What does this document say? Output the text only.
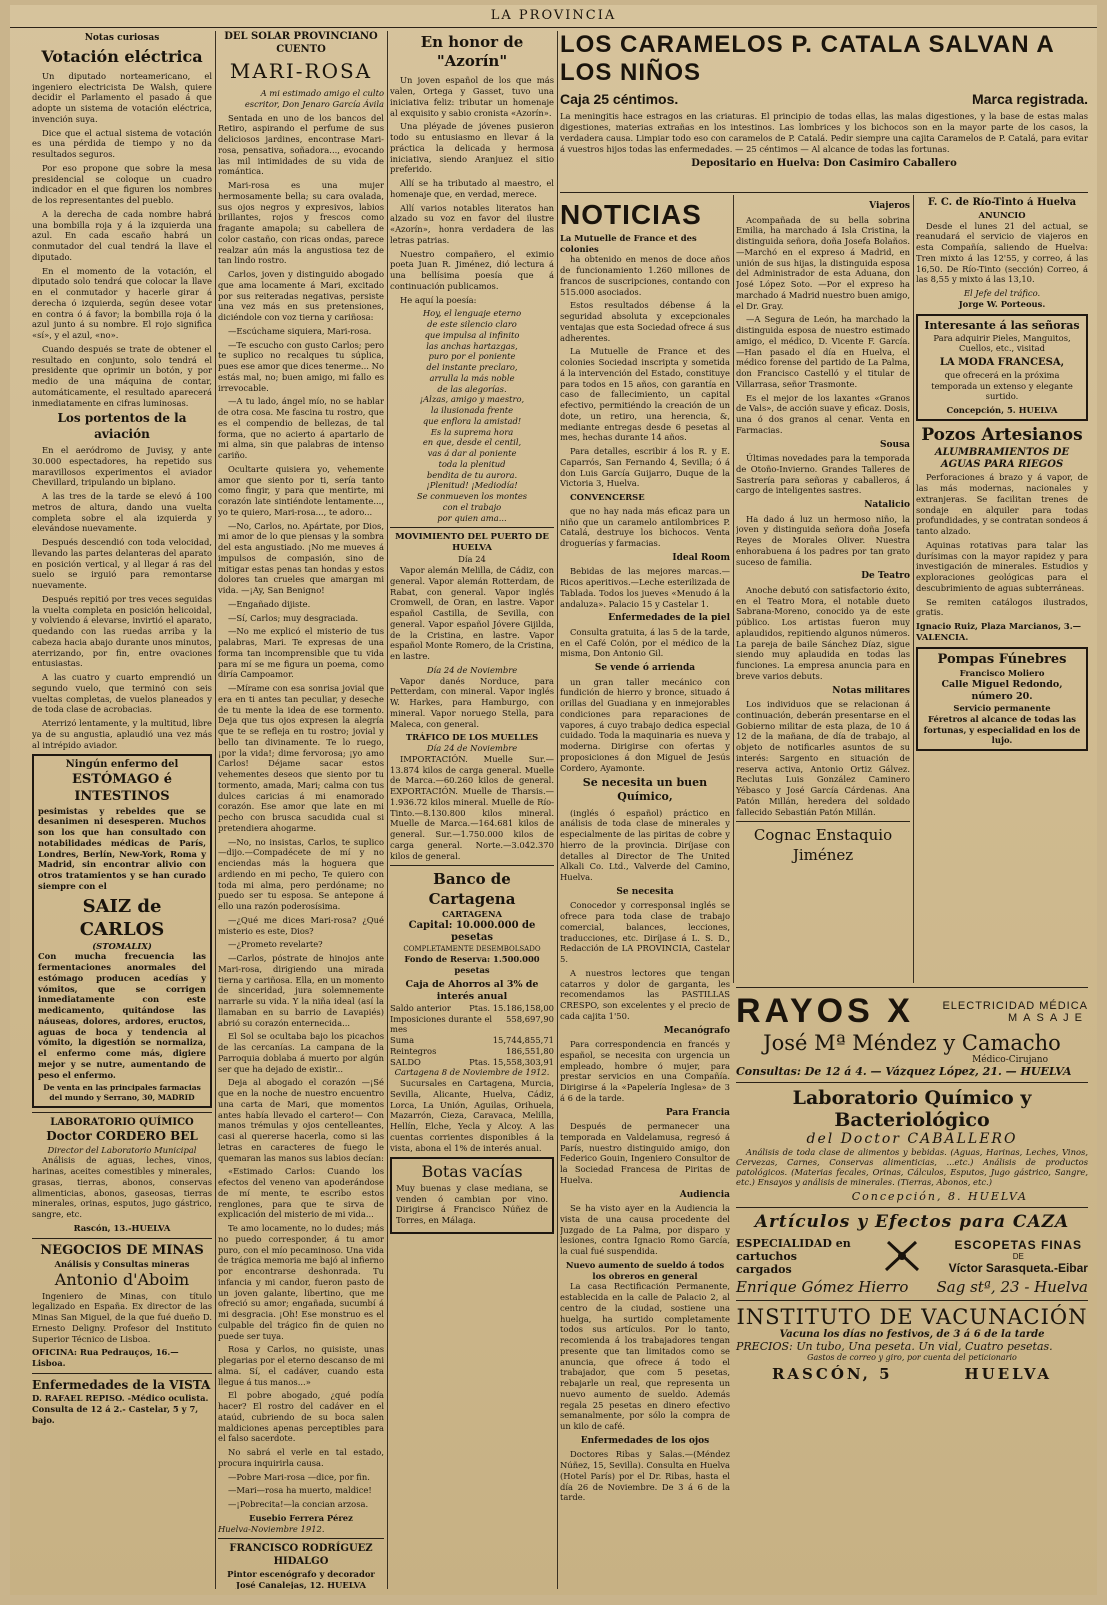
LA PROVINCIA
Notas curiosas
Votación eléctrica

Un diputado norteamericano, el ingeniero electricista De Walsh, quiere decidir el Parlamento el pasado á que adopte un sistema de votación eléctrica, invención suya.

Dice que el actual sistema de votación es una pérdida de tiempo y no da resultados seguros.

Por eso propone que sobre la mesa presidencial se coloque un cuadro indicador en el que figuren los nombres de los representantes del pueblo.

A la derecha de cada nombre habrá una bombilla roja y á la izquierda una azul. En cada escaño habrá un conmutador del cual tendrá la llave el diputado.

En el momento de la votación, el diputado solo tendrá que colocar la llave en el conmutador y hacerle girar á derecha ó izquierda, según desee votar en contra ó á favor; la bombilla roja ó la azul junto á su nombre. El rojo significa «sí», y el azul, «no».

Cuando después se trate de obtener el resultado en conjunto, solo tendrá el presidente que oprimir un botón, y por medio de una máquina de contar, automáticamente, el resultado aparecerá inmediatamente en cifras luminosas.

Los portentos de la aviación

En el aeródromo de Juvisy, y ante 30.000 espectadores, ha repetido sus maravillosos experimentos el aviador Chevillard, tripulando un biplano.

A las tres de la tarde se elevó á 100 metros de altura, dando una vuelta completa sobre el ala izquierda y elevándose nuevamente.

Después descendió con toda velocidad, llevando las partes delanteras del aparato en posición vertical, y al llegar á ras del suelo se irguió para remontarse nuevamente.

Después repitió por tres veces seguidas la vuelta completa en posición helicoidal, y volviendo á elevarse, invirtió el aparato, quedando con las ruedas arriba y la cabeza hacia abajo durante unos minutos, aterrizando, por fin, entre ovaciones entusiastas.

A las cuatro y cuarto emprendió un segundo vuelo, que terminó con seis vueltas completas, de vuelos planeados y de toda clase de acrobacias.

Aterrizó lentamente, y la multitud, libre ya de su angustia, aplaudió una vez más al intrépido aviador.

Ningún enfermo del
ESTÓMAGO é INTESTINOS

pesimistas y rebeldes que se desanimen ni desesperen. Muchos son los que han consultado con notabilidades médicas de París, Londres, Berlín, New-York, Roma y Madrid, sin encontrar alivio con otros tratamientos y se han curado siempre con el

SAIZ de CARLOS
(STOMALIX)

Con mucha frecuencia las fermentaciones anormales del estómago producen acedías y vómitos, que se corrigen inmediatamente con este medicamento, quitándose las náuseas, dolores, ardores, eructos, aguas de boca y tendencia al vómito, la digestión se normaliza, el enfermo come más, digiere mejor y se nutre, aumentando de peso el enfermo.

De venta en las principales farmacias del mundo y Serrano, 30, MADRID
LABORATORIO QUÍMICO
Doctor CORDERO BEL
Director del Laboratorio Municipal

Análisis de aguas, leches, vinos, harinas, aceites comestibles y minerales, grasas, tierras, abonos, conservas alimenticias, abonos, gaseosas, tierras minerales, orinas, esputos, jugo gástrico, sangre, etc.

Rascón, 13.-HUELVA
NEGOCIOS DE MINAS
Análisis y Consultas mineras
Antonio d'Aboim

Ingeniero de Minas, con título legalizado en España. Ex director de las Minas San Miguel, de la que fué dueño D. Ernesto Deligny. Profesor del Instituto Superior Técnico de Lisboa.

OFICINA: Rua Pedrauços, 16.—Lisboa.
Enfermedades de la VISTA
D. RAFAEL REPISO. -Médico oculista. Consulta de 12 á 2.- Castelar, 5 y 7, bajo.
DEL SOLAR PROVINCIANO
CUENTO
MARI-ROSA

A mi estimado amigo el culto escritor, Don Jenaro García Ávila

Sentada en uno de los bancos del Retiro, aspirando el perfume de sus deliciosos jardines, encontrase Mari-rosa, pensativa, soñadora..., evocando las mil intimidades de su vida de romántica.

Mari-rosa es una mujer hermosamente bella; su cara ovalada, sus ojos negros y expresivos, labios brillantes, rojos y frescos como fragante amapola; su cabellera de color castaño, con ricas ondas, parece realzar aún más la angustiosa tez de tan lindo rostro.

Carlos, joven y distinguido abogado que ama locamente á Mari, excitado por sus reiteradas negativas, persiste una vez más en sus pretensiones, diciéndole con voz tierna y cariñosa:

—Escúchame siquiera, Mari-rosa.

—Te escucho con gusto Carlos; pero te suplico no recalques tu súplica, pues ese amor que dices tenerme... No estás mal, no; buen amigo, mi fallo es irrevocable.

—A tu lado, ángel mío, no se hablar de otra cosa. Me fascina tu rostro, que es el compendio de bellezas, de tal forma, que no acierto á apartarlo de mi alma, sin que palabras de intenso cariño.

Ocultarte quisiera yo, vehemente amor que siento por ti, sería tanto como fingir, y para que mentirte, mi corazón late sintiéndote lentamente..., yo te quiero, Mari-rosa..., te adoro...

—No, Carlos, no. Apártate, por Dios, mi amor de lo que piensas y la sombra del esta angustiado. ¡No me mueves á impulsos de compasión, sino de mitigar estas penas tan hondas y estos dolores tan crueles que amargan mi vida. —¡Ay, San Benigno!

—Engañado dijiste.

—Sí, Carlos; muy desgraciada.

—No me explicó el misterio de tus palabras, Mari. Te expresas de una forma tan incomprensible que tu vida para mí se me figura un poema, como diría Campoamor.

—Mírame con esa sonrisa jovial que era en ti antes tan peculiar, y deseche de tu mente la idea de ese tormento. Deja que tus ojos expresen la alegría que te se refleja en tu rostro; jovial y bello tan divinamente. Te lo ruego, ¡por la vida!; dime fervorosa; ¡yo amo Carlos! Déjame sacar estos vehementes deseos que siento por tu tormento, amada, Mari; calma con tus dulces caricias á mi enamorado corazón. Ese amor que late en mi pecho con brusca sacudida cual si pretendiera ahogarme.

—No, no insistas, Carlos, te suplico —dijo.—Compadécete de mí y no enciendas más la hoguera que ardiendo en mi pecho, Te quiero con toda mi alma, pero perdóname; no puedo ser tu esposa. Se antepone á ello una razón poderosísima.

—¿Qué me dices Mari-rosa? ¿Qué misterio es este, Dios?

—¿Prometo revelarte?

—Carlos, póstrate de hinojos ante Mari-rosa, dirigiendo una mirada tierna y cariñosa. Ella, en un momento de sinceridad, jura solemnemente narrarle su vida. Y la niña ideal (así la llamaban en su barrio de Lavapiés) abrió su corazón enternecida...

El Sol se ocultaba bajo los picachos de las cercanías. La campana de la Parroquia doblaba á muerto por algún ser que ha dejado de existir...

Deja al abogado el corazón —¡Sé que en la noche de nuestro encuentro una carta de Mari, que momentos antes había llevado el cartero!— Con manos trémulas y ojos centelleantes, casi al quererse hacerla, como si las letras en caracteres de fuego le quemaran las manos sus labios decían:

«Estimado Carlos: Cuando los efectos del veneno van apoderándose de mí mente, te escribo estos renglones, para que te sirva de explicación del misterio de mi vida...

Te amo locamente, no lo dudes; más no puedo corresponder, á tu amor puro, con el mío pecaminoso. Una vida de trágica memoria me bajó al infierno por encontrarse deshonrada. Tu infancia y mi candor, fueron pasto de un joven galante, libertino, que me ofreció su amor; engañada, sucumbí á mi desgracia. ¡Oh! Ese monstruo es el culpable del trágico fin de quien no puede ser tuya.

Rosa y Carlos, no quisiste, unas plegarias por el eterno descanso de mi alma. Sí, el cadáver, cuando esta llegue á tus manos...»

El pobre abogado, ¿qué podía hacer? El rostro del cadáver en el ataúd, cubriendo de su boca salen maldiciones apenas perceptibles para el falso sacerdote.

No sabrá el verle en tal estado, procura inquirirla causa.

—Pobre Mari-rosa —dice, por fin.

—Mari—rosa ha muerto, maldice!

—¡Pobrecita!—la concian arzosa.

Eusebio Ferrera Pérez
Huelva-Noviembre 1912.
FRANCISCO RODRÍGUEZ HIDALGO
Pintor escenógrafo y decorador
José Canalejas, 12. HUELVA
En honor de "Azorín"

Un joven español de los que más valen, Ortega y Gasset, tuvo una iniciativa feliz: tributar un homenaje al exquisito y sabio cronista «Azorín».

Una pléyade de jóvenes pusieron todo su entusiasmo en llevar á la práctica la delicada y hermosa iniciativa, siendo Aranjuez el sitio preferido.

Allí se ha tributado al maestro, el homenaje que, en verdad, merece.

Allí varios notables literatos han alzado su voz en favor del ilustre «Azorín», honra verdadera de las letras patrias.

Nuestro compañero, el eximio poeta Juan R. Jiménez, dió lectura á una bellísima poesía que á continuación publicamos.

He aquí la poesía:

Hoy, el lenguaje eterno

de este silencio claro

que impulsa al infinito

las anchas hartazgas,

puro por el poniente

del instante preclaro,

arrulla la más noble

de las alegorías.

¡Alzas, amigo y maestro,

la ilusionada frente

que enflora la amistad!

Es la suprema hora

en que, desde el centil,

vas á dar al poniente

toda la plenitud

bendita de tu aurora.

¡Plenitud! ¡Mediodía!

Se conmueven los montes

con el trabajo

por quien ama...

MOVIMIENTO DEL PUERTO DE HUELVA
Día 24

Vapor alemán Melilla, de Cádiz, con general. Vapor alemán Rotterdam, de Rabat, con general. Vapor inglés Cromwell, de Oran, en lastre. Vapor español Castilla, de Sevilla, con general. Vapor español Jóvere Gijilda, de la Cristina, en lastre. Vapor español Monte Romero, de la Cristina, en lastre.

Día 24 de Noviembre

Vapor danés Norduce, para Petterdam, con mineral. Vapor inglés W. Harkes, para Hamburgo, con mineral. Vapor noruego Stella, para Maleca, con general.

TRÁFICO DE LOS MUELLES
Día 24 de Noviembre

IMPORTACIÓN. Muelle Sur.—13.874 kilos de carga general. Muelle de Marca.—60.260 kilos de general. EXPORTACIÓN. Muelle de Tharsis.—1.936.72 kilos mineral. Muelle de Río-Tinto.—8.130.800 kilos mineral. Muelle de Marca.—164.681 kilos de general. Sur.—1.750.000 kilos de carga general. Norte.—3.042.370 kilos de general.

Banco de Cartagena
CARTAGENA
Capital: 10.000.000 de pesetas
COMPLETAMENTE DESEMBOLSADO
Fondo de Reserva: 1.500.000 pesetas
Caja de Ahorros al 3% de interés anual
Saldo anterior Ptas. 15.186,158,00
Imposiciones durante el mes
558,697,90
Suma	15,744,855,71
Reintegros	186,551,80
SALDO	Ptas. 15,558,303,91
Cartagena 8 de Noviembre de 1912.

Sucursales en Cartagena, Murcia, Sevilla, Alicante, Huelva, Cádiz, Lorca, La Unión, Aguilas, Orihuela, Mazarrón, Cieza, Caravaca, Melilla, Hellín, Elche, Yecla y Alcoy. A las cuentas corrientes disponibles á la vista, abona el 1% de interés anual.

Botas vacías

Muy buenas y clase mediana, se venden ó cambian por vino. Dirigirse á Francisco Núñez de Torres, en Málaga.

LOS CARAMELOS P. CATALA SALVAN A LOS NIÑOS
Caja 25 céntimos.	Marca registrada.
La meningitis hace estragos en las criaturas. El principio de todas ellas, las malas digestiones, y la base de estas malas digestiones, materias extrañas en los intestinos. Las lombrices y los bichocos son en la mayor parte de los casos, la verdadera causa. Limpiar todo eso con caramelos de P. Catalá. Pedir siempre una cajita Caramelos de P. Catalá, para evitar á vuestros hijos todas las enfermedades. — 25 céntimos — Al alcance de todas las fortunas.
Depositario en Huelva: Don Casimiro Caballero
NOTICIAS
La Mutuelle de France et des colonies

ha obtenido en menos de doce años de funcionamiento 1.260 millones de francos de suscripciones, contando con 515.000 asociados.

Estos resultados débense á la seguridad absoluta y excepcionales ventajas que esta Sociedad ofrece á sus adherentes.

La Mutuelle de France et des colonies Sociedad inscripta y sometida á la intervención del Estado, constituye para todos en 15 años, con garantía en caso de fallecimiento, un capital efectivo, permitiéndo la creación de un dote, un retiro, una herencia, &, mediante entregas desde 6 pesetas al mes, hechas durante 14 años.

Para detalles, escribir á los R. y E. Caparrós, San Fernando 4, Sevilla; ó á don Luis García Guijarro, Duque de la Victoria 3, Huelva.

CONVENCERSE

que no hay nada más eficaz para un niño que un caramelo antilombrices P. Catalá, destruye los bichocos. Venta droguerías y farmacias.

Ideal Room

Bebidas de las mejores marcas.—Ricos aperitivos.—Leche esterilizada de Tablada. Todos los jueves «Menudo á la andaluza». Palacio 15 y Castelar 1.

Enfermedades de la piel

Consulta gratuita, á las 5 de la tarde, en el Café Colón, por el médico de la misma, Don Antonio Gil.

Se vende ó arrienda

un gran taller mecánico con fundición de hierro y bronce, situado á orillas del Guadiana y en inmejorables condiciones para reparaciones de vapores, á cuyo trabajo dedica especial cuidado. Toda la maquinaria es nueva y moderna. Dirigirse con ofertas y proposiciones á don Miguel de Jesús Cordero, Ayamonte.

Se necesita un buen Químico,

(inglés ó español) práctico en análisis de toda clase de minerales y especialmente de las piritas de cobre y hierro de la provincia. Diríjase con detalles al Director de The United Alkali Co. Ltd., Valverde del Camino, Huelva.

Se necesita

Conocedor y corresponsal inglés se ofrece para toda clase de trabajo comercial, balances, lecciones, traducciones, etc. Diríjase á L. S. D., Redacción de LA PROVINCIA, Castelar 5.

A nuestros lectores que tengan catarros y dolor de garganta, les recomendamos las PASTILLAS CRESPO, son excelentes y el precio de cada cajita 1'50.

Mecanógrafo

Para correspondencia en francés y español, se necesita con urgencia un empleado, hombre ó mujer, para prestar servicios en una Compañía. Dirigirse á la «Papelería Inglesa» de 3 á 6 de la tarde.

Para Francia

Después de permanecer una temporada en Valdelamusa, regresó á París, nuestro distinguido amigo, don Federico Gouin, Ingeniero Consultor de la Sociedad Francesa de Piritas de Huelva.

Audiencia

Se ha visto ayer en la Audiencia la vista de una causa procedente del Juzgado de La Palma, por disparo y lesiones, contra Ignacio Romo García, la cual fué suspendida.

Nuevo aumento de sueldo á todos los obreros en general

La casa Rectificación Permanente, establecida en la calle de Palacio 2, al centro de la ciudad, sostiene una huelga, ha surtido completamente todos sus artículos. Por lo tanto, recomienda á los trabajadores tengan presente que tan limitados como se anuncia, que ofrece á todo el trabajador, que com 5 pesetas, rebajarle un real, que representa un nuevo aumento de sueldo. Además regala 25 pesetas en dinero efectivo semanalmente, por sólo la compra de un kilo de café.

Enfermedades de los ojos

Doctores Ribas y Salas.—(Méndez Núñez, 15, Sevilla). Consulta en Huelva (Hotel París) por el Dr. Ribas, hasta el día 26 de Noviembre. De 3 á 6 de la tarde.

Viajeros

Acompañada de su bella sobrina Emilia, ha marchado á Isla Cristina, la distinguida señora, doña Josefa Bolaños. —Marchó en el expreso á Madrid, en unión de sus hijas, la distinguida esposa del Administrador de esta Aduana, don José López Soto. —Por el expreso ha marchado á Madrid nuestro buen amigo, el Dr. Gray.

—A Segura de León, ha marchado la distinguida esposa de nuestro estimado amigo, el médico, D. Vicente F. García. —Han pasado el día en Huelva, el médico forense del partido de La Palma, don Francisco Castelló y el titular de Villarrasa, señor Trasmonte.

Es el mejor de los laxantes «Granos de Vals», de acción suave y eficaz. Dosis, una ó dos granos al cenar. Venta en Farmacias.

Sousa

Últimas novedades para la temporada de Otoño-Invierno. Grandes Talleres de Sastrería para señoras y caballeros, á cargo de inteligentes sastres.

Natalicio

Ha dado á luz un hermoso niño, la joven y distinguida señora doña Josefa Reyes de Morales Oliver. Nuestra enhorabuena á los padres por tan grato suceso de familia.

De Teatro

Anoche debutó con satisfactorio éxito, en el Teatro Mora, el notable dueto Sabrana-Moreno, conocido ya de este público. Los artistas fueron muy aplaudidos, repitiendo algunos números. La pareja de baile Sánchez Díaz, sigue siendo muy aplaudida en todas las funciones. La empresa anuncia para en breve varios debuts.

Notas militares

Los individuos que se relacionan á continuación, deberán presentarse en el Gobierno militar de esta plaza, de 10 á 12 de la mañana, de día de trabajo, al objeto de notificarles asuntos de su interés: Sargento en situación de reserva activa, Antonio Ortiz Gálvez. Reclutas Luis González Caminero Yébasco y José García Cárdenas. Ana Patón Millán, heredera del soldado fallecido Sebastián Patón Millán.

Cognac Enstaquio Jiménez
F. C. de Río-Tinto á Huelva
ANUNCIO

Desde el lunes 21 del actual, se reanudará el servicio de viajeros en esta Compañía, saliendo de Huelva: Tren mixto á las 12'55, y correo, á las 16,50. De Río-Tinto (sección) Correo, á las 8,55 y mixto á las 13,10.

El Jefe del tráfico.
Jorge W. Porteous.
Interesante á las señoras

Para adquirir Pieles, Manguitos, Cuellos, etc., visitad

LA MODA FRANCESA,

que ofrecerá en la próxima temporada un extenso y elegante surtido.

Concepción, 5. HUELVA
Pozos Artesianos
ALUMBRAMIENTOS DE AGUAS PARA RIEGOS

Perforaciones á brazo y á vapor, de las más modernas, nacionales y extranjeras. Se facilitan trenes de sondaje en alquiler para todas profundidades, y se contratan sondeos á tanto alzado.

Aquinas rotativas para talar las durísimas con la mayor rapidez y para investigación de minerales. Estudios y exploraciones geológicas para el descubrimiento de aguas subterráneas.

Se remiten catálogos ilustrados, gratis.

Ignacio Ruiz, Plaza Marcianos, 3.—VALENCIA.
Pompas Fúnebres
Francisco Moliero
Calle Miguel Redondo, número 20.
Servicio permanente
Féretros al alcance de todas las fortunas, y especialidad en los de lujo.
RAYOS X	ELECTRICIDAD MÉDICA
MASAJE
José Mª Méndez y Camacho
Médico-Cirujano
Consultas: De 12 á 4. — Vázquez López, 21. — HUELVA
Laboratorio Químico y Bacteriológico
del Doctor CABALLERO

Análisis de toda clase de alimentos y bebidas. (Aguas, Harinas, Leches, Vinos, Cervezas, Carnes, Conservas alimenticias, ...etc.) Análisis de productos patológicos. (Materias fecales, Orinas, Cálculos, Esputos, Jugo gástrico, Sangre, etc.) Ensayos y análisis de minerales. (Tierras, Abonos, etc.)

Concepción, 8. HUELVA
Artículos y Efectos para CAZA
ESPECIALIDAD en cartuchos cargados
ESCOPETAS FINAS
DE
Víctor Sarasqueta.-Eibar
Enrique Gómez Hierro Sag stª, 23 - Huelva
INSTITUTO DE VACUNACIÓN
Vacuna los días no festivos, de 3 á 6 de la tarde
PRECIOS: Un tubo, Una peseta. Un vial, Cuatro pesetas.
Gastos de correo y giro, por cuenta del peticionario
RASCÓN, 5	HUELVA
